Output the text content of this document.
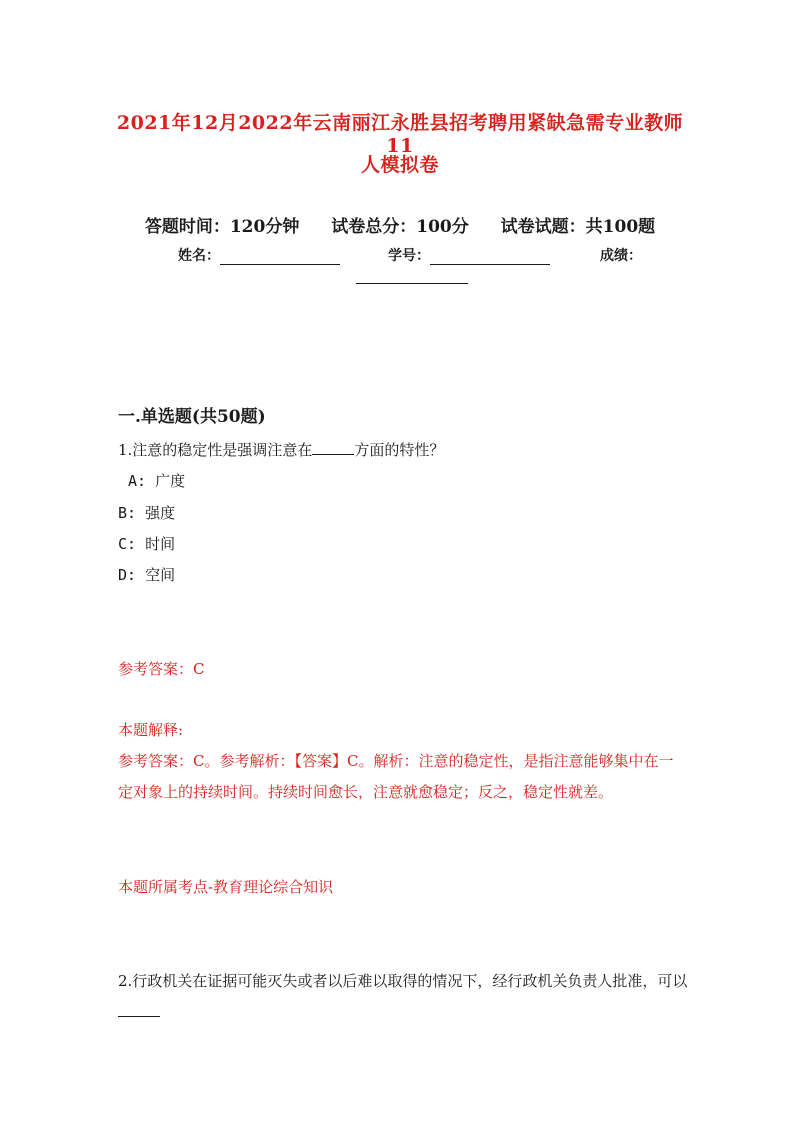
2021年12月2022年云南丽江永胜县招考聘用紧缺急需专业教师11
人模拟卷
答题时间：120分钟 试卷总分：100分 试卷试题：共100题
姓名：	学号：	成绩：
一.单选题(共50题)
1.注意的稳定性是强调注意在	方面的特性？
A: 广度
B: 强度
C: 时间
D: 空间
参考答案：C
本题解释:
参考答案：C。参考解析：【答案】C。解析：注意的稳定性，是指注意能够集中在一定对象上的持续时间。持续时间愈长，注意就愈稳定；反之，稳定性就差。
本题所属考点-教育理论综合知识
2.行政机关在证据可能灭失或者以后难以取得的情况下，经行政机关负责人批准，可以
